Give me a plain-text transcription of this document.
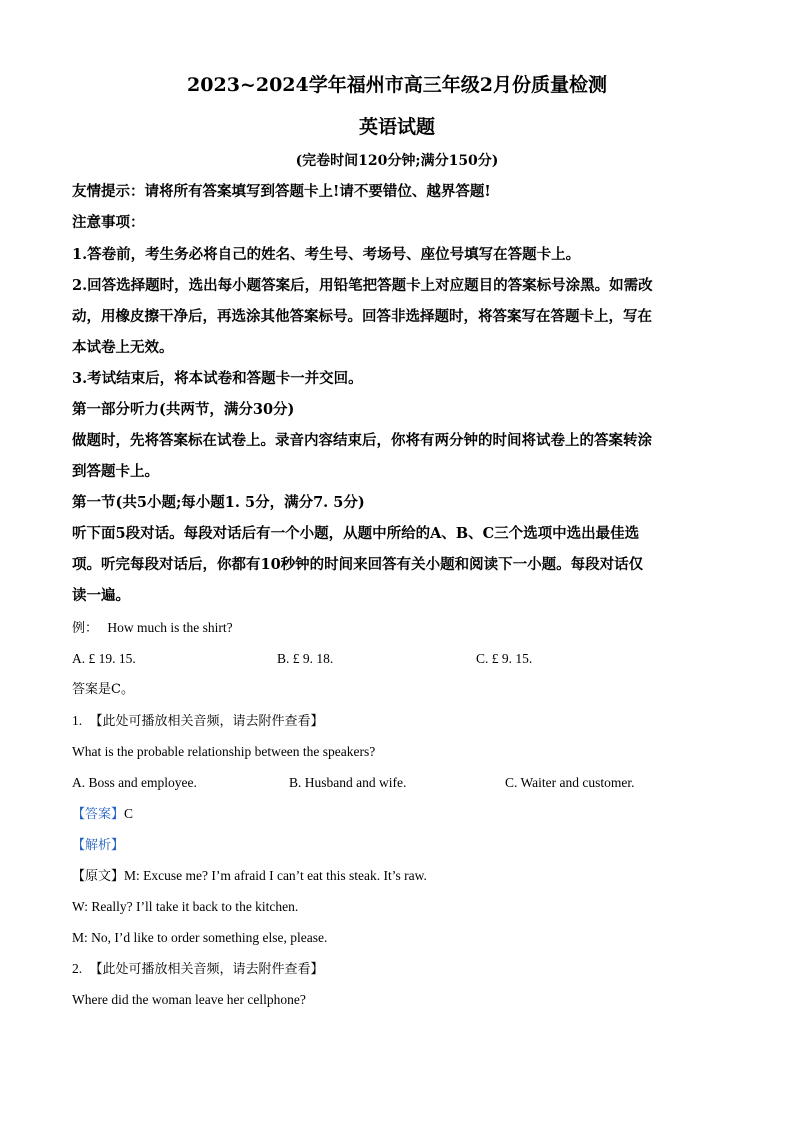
2023~2024学年福州市高三年级2月份质量检测
英语试题
(完卷时间120分钟;满分150分)
友情提示：请将所有答案填写到答题卡上!请不要错位、越界答题!
注意事项：
1.答卷前，考生务必将自己的姓名、考生号、考场号、座位号填写在答题卡上。
2.回答选择题时，选出每小题答案后，用铅笔把答题卡上对应题目的答案标号涂黑。如需改
动，用橡皮擦干净后，再选涂其他答案标号。回答非选择题时，将答案写在答题卡上，写在
本试卷上无效。
3.考试结束后，将本试卷和答题卡一并交回。
第一部分听力(共两节，满分30分)
做题时，先将答案标在试卷上。录音内容结束后，你将有两分钟的时间将试卷上的答案转涂
到答题卡上。
第一节(共5小题;每小题1. 5分，满分7. 5分)
听下面5段对话。每段对话后有一个小题，从题中所给的A、B、C三个选项中选出最佳选
项。听完每段对话后，你都有10秒钟的时间来回答有关小题和阅读下一小题。每段对话仅
读一遍。
例： How much is the shirt?
A. £ 19. 15.	B. £ 9. 18.	C. £ 9. 15.
答案是C。
1. 【此处可播放相关音频，请去附件查看】
What is the probable relationship between the speakers?
A. Boss and employee.	B. Husband and wife.	C. Waiter and customer.
【答案】C
【解析】
【原文】M: Excuse me? I’m afraid I can’t eat this steak. It’s raw.
W: Really? I’ll take it back to the kitchen.
M: No, I’d like to order something else, please.
2. 【此处可播放相关音频，请去附件查看】
Where did the woman leave her cellphone?
